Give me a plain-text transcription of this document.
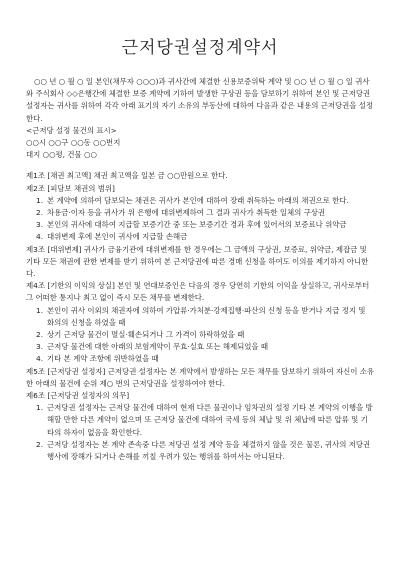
근저당권설정계약서

○○ 년 ○ 월 ○ 일 본인(채무자 ○○○)과 귀사간에 체결한 신용보증위탁 계약 및 ○○ 년 ○ 월 ○ 일 귀사와 주식회사 ◇◇은행간에 체결한 보증 계약에 기하여 발생한 구상권 등을 담보하기 위하여 본인 및 근저당권 설정자는 귀사를 위하여 각각 아래 표기의 자기 소유의 부동산에 대하여 다음과 같은 내용의 근저당권을 설정한다.

<근저당 설정 물건의 표시>

○○시 ○○구 ○○동 ○○번지

대지 ○○평, 건물 ○○

제1조 [채권 최고액] 채권 최고액을 일본 금 ○○만원으로 한다.

제2조 [피담보 채권의 범위]

1. 본 계약에 의하여 담보되는 채권은 귀사가 본인에 대하여 장래 취득하는 아래의 채권으로 한다.
2. 차용금·이자 등을 귀사가 위 은행에 대위변제하여 그 결과 귀사가 취득한 일체의 구상권
3. 본인의 귀사에 대하여 지급할 보증기간 중 또는 보증기간 경과 후에 있어서의 보증료나 위약금
4. 대위변제 후에 본인이 귀사에 지급할 손해금

제3조 [대위변제] 귀사가 금융기관에 대위변제를 한 경우에는 그 금액의 구상권, 보증료, 위약금, 제잡금 및 기타 모든 채권에 관한 변제를 받기 위하여 본 근저당권에 따른 경매 신청을 하여도 이의를 제기하지 아니한다.

제4조 [기한의 이익의 상실] 본인 및 연대보증인은 다음의 경우 당연히 기한의 이익을 상실하고, 귀사로부터 그 어떠한 통지나 최고 없이 즉시 모든 채무를 변제한다.

1. 본인이 귀사 이외의 채권자에 의하여 가압류·가처분·강제집행·파산의 신청 등을 받거나 지급 정지 및 화의의 신청을 하였을 때
2. 상기 근저당 물건이 멸실·훼손되거나 그 가격이 하락하였을 때
3. 근저당 물건에 대한 아래의 보험계약이 무효·실효 또는 해제되었을 때
4. 기타 본 계약 조항에 위반하였을 때

제5조 [근저당권 설정자] 근저당권 설정자는 본 계약에서 발생하는 모든 채무를 담보하기 위하여 자신이 소유한 아래의 물건에 순위 제○ 번의 근저당권을 설정하여야 한다.

제6조 [근저당권 설정자의 의무]

1. 근저당권 설정자는 근저당 물건에 대하여 현재 다른 물권이나 임차권의 설정 기타 본 계약의 이행을 방해할 만한 다른 계약이 없으며 또 근저당 물건에 대하여 국세 등의 체납 및 위 체납에 따른 압류 및 기타의 하자이 없음을 확인한다.
2. 근저당 설정자는 본 계약 존속중 다른 저당권 설정 계약 등을 체결하지 않을 것은 물론, 귀사의 저당권 행사에 장해가 되거나 손해를 끼칠 우려가 있는 행위를 하여서는 아니된다.
